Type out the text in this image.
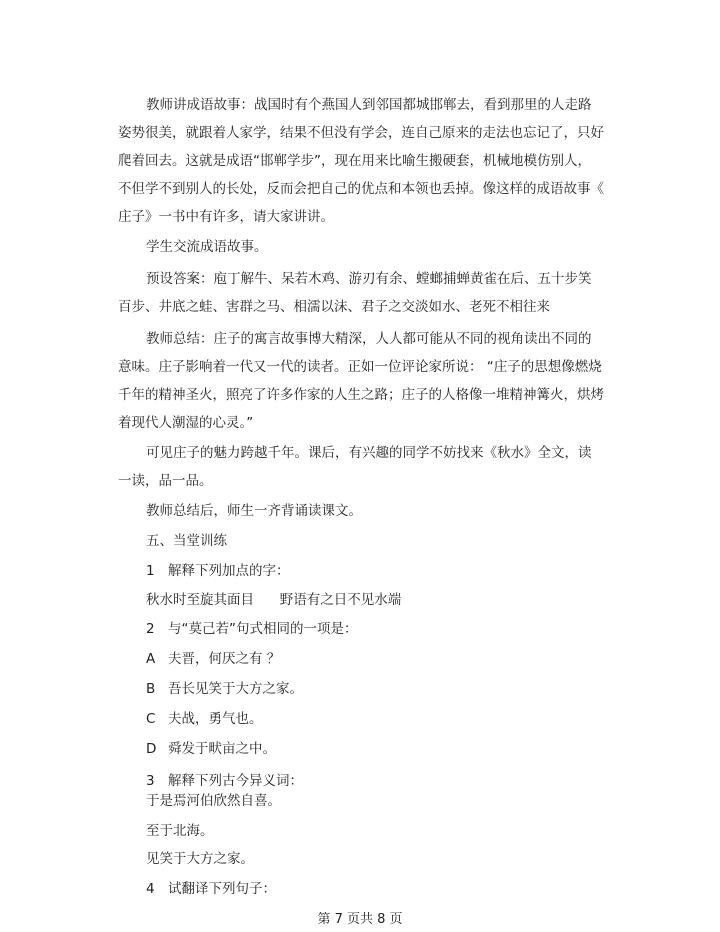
教师讲成语故事：战国时有个燕国人到邻国都城邯郸去，看到那里的人走路
姿势很美，就跟着人家学，结果不但没有学会，连自己原来的走法也忘记了，只好
爬着回去。这就是成语“邯郸学步”，现在用来比喻生搬硬套，机械地模仿别人，
不但学不到别人的长处，反而会把自己的优点和本领也丢掉。像这样的成语故事《
庄子》一书中有许多，请大家讲讲。
学生交流成语故事。
预设答案：庖丁解牛、呆若木鸡、游刃有余、螳螂捕蝉黄雀在后、五十步笑
百步、井底之蛙、害群之马、相濡以沫、君子之交淡如水、老死不相往来
教师总结：庄子的寓言故事博大精深，人人都可能从不同的视角读出不同的
意味。庄子影响着一代又一代的读者。正如一位评论家所说： “庄子的思想像燃烧
千年的精神圣火，照亮了许多作家的人生之路；庄子的人格像一堆精神篝火，烘烤
着现代人潮湿的心灵。”
可见庄子的魅力跨越千年。课后，有兴趣的同学不妨找来《秋水》全文，读
一读，品一品。
教师总结后，师生一齐背诵读课文。
五、当堂训练
1 解释下列加点的字：
秋水时至旋其面目      野语有之日不见水端
2 与“莫己若”句式相同的一项是：
A 夫晋，何厌之有 ？
B 吾长见笑于大方之家。
C 夫战，勇气也。
D 舜发于畎亩之中。
3 解释下列古今异义词：
于是焉河伯欣然自喜。
至于北海。
见笑于大方之家。
4 试翻译下列句子：
第 7 页共 8 页
